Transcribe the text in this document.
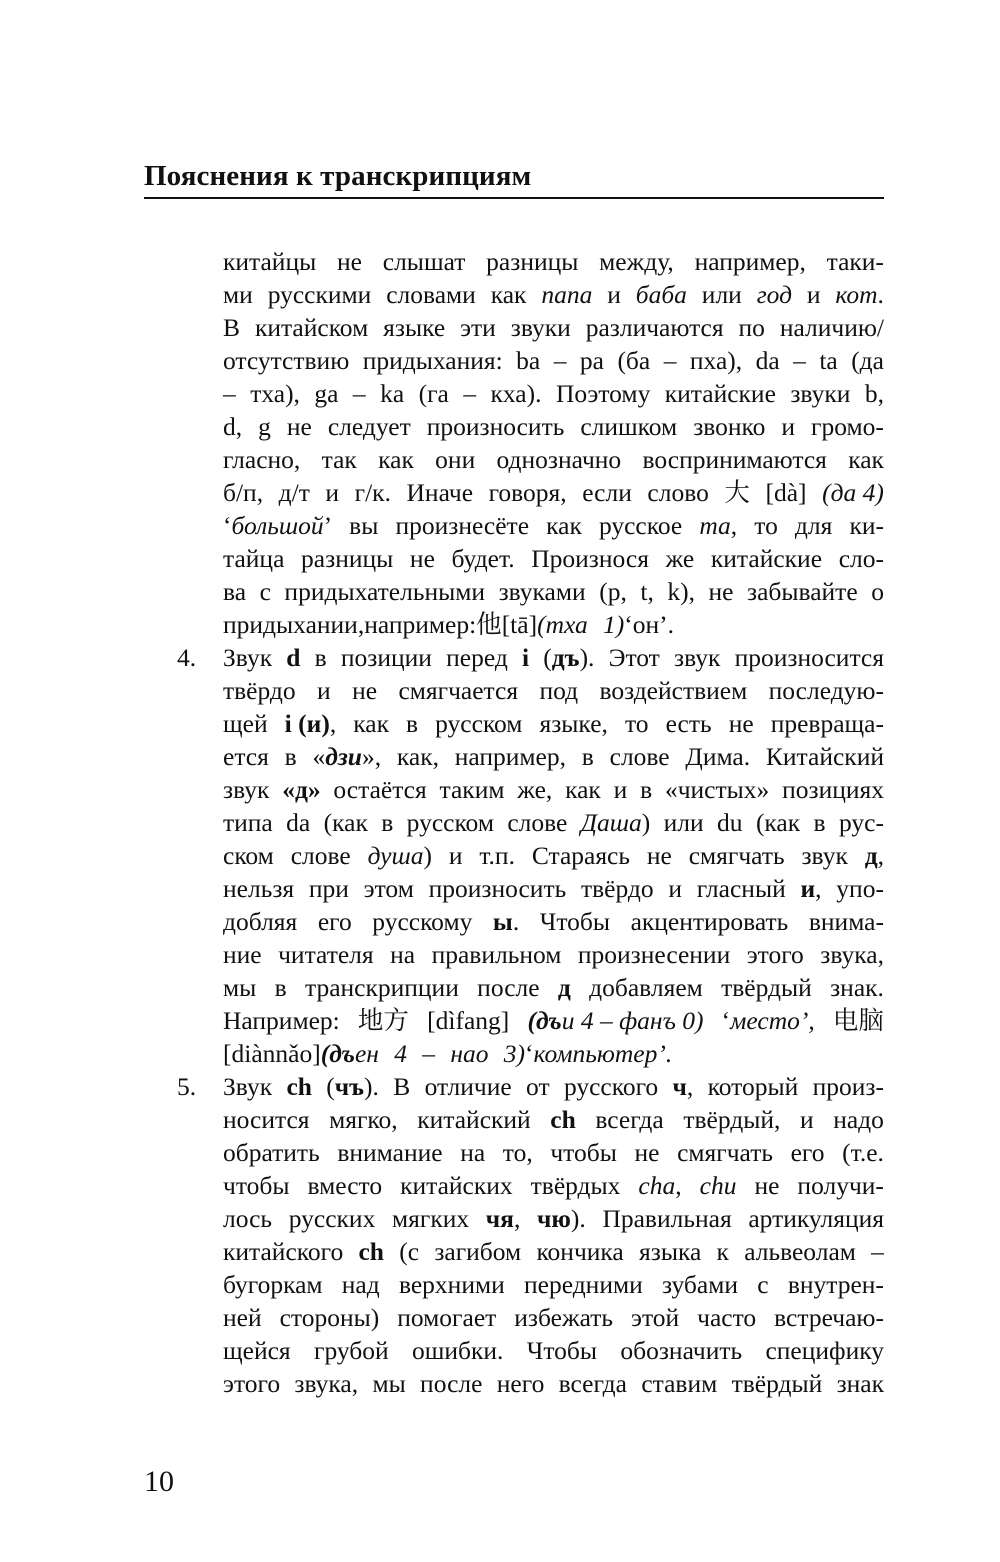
Пояснения к транскрипциям
китайцы не слышат разницы между, например, таки-
ми русскими словами как папа и баба или год и кот.
В китайском языке эти звуки различаются по наличию/
отсутствию придыхания: ba – pa (ба – пха), da – ta (да
– тха), ga – ka (га – кха). Поэтому китайские звуки b,
d, g не следует произносить слишком звонко и громо-
гласно, так как они однозначно воспринимаются как
б/п, д/т и г/к. Иначе говоря, если слово 大 [dà] (да 4)
‘большой’ вы произнесёте как русское та, то для ки-
тайца разницы не будет. Произнося же китайские сло-
ва с придыхательными звуками (p, t, k), не забывайте о
придыхании, например: 他 [tā] (тха 1) ‘он’.
4. Звук d в позиции перед i (дъ). Этот звук произносится
твёрдо и не смягчается под воздействием последую-
щей i (и), как в русском языке, то есть не превраща-
ется в «дзи», как, например, в слове Дима. Китайский
звук «д» остаётся таким же, как и в «чистых» позициях
типа da (как в русском слове Даша) или du (как в рус-
ском слове душа) и т.п. Стараясь не смягчать звук д,
нельзя при этом произносить твёрдо и гласный и, упо-
добляя его русскому ы. Чтобы акцентировать внима-
ние читателя на правильном произнесении этого звука,
мы в транскрипции после д добавляем твёрдый знак.
Например: 地方 [dìfang] (дъи 4 – фанъ 0) ‘место’, 电脑
[diànnǎo] (дъен 4 – нао 3) ‘компьютер’.
5. Звук ch (чъ). В отличие от русского ч, который произ-
носится мягко, китайский ch всегда твёрдый, и надо
обратить внимание на то, чтобы не смягчать его (т.е.
чтобы вместо китайских твёрдых cha, chu не получи-
лось русских мягких чя, чю). Правильная артикуляция
китайского ch (с загибом кончика языка к альвеолам –
бугоркам над верхними передними зубами с внутрен-
ней стороны) помогает избежать этой часто встречаю-
щейся грубой ошибки. Чтобы обозначить специфику
этого звука, мы после него всегда ставим твёрдый знак
10
